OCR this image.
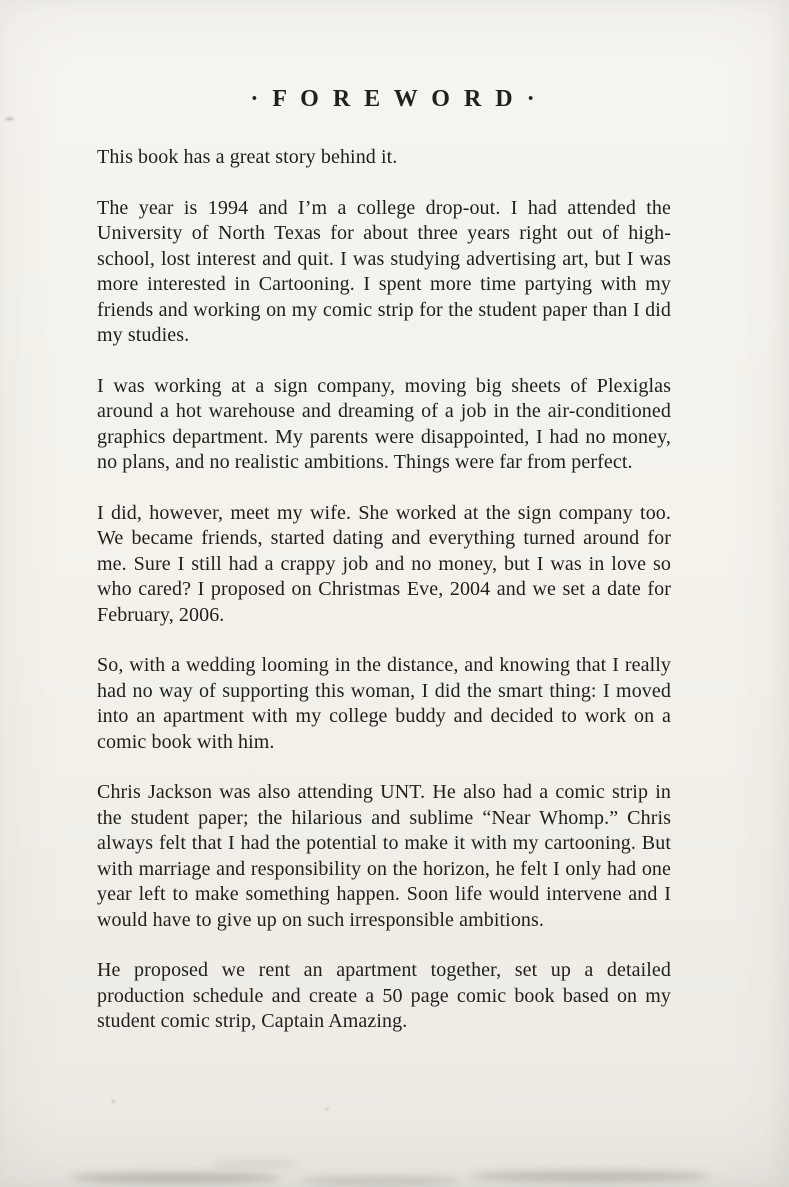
· F O R E W O R D ·

This book has a great story behind it.

The year is 1994 and I’m a college drop-out. I had attended the University of North Texas for about three years right out of high-school, lost interest and quit. I was studying advertising art, but I was more interested in Cartooning. I spent more time partying with my friends and working on my comic strip for the student paper than I did my studies.

I was working at a sign company, moving big sheets of Plexiglas around a hot warehouse and dreaming of a job in the air-conditioned graphics department. My parents were disappointed, I had no money, no plans, and no realistic ambitions. Things were far from perfect.

I did, however, meet my wife. She worked at the sign company too. We became friends, started dating and everything turned around for me. Sure I still had a crappy job and no money, but I was in love so who cared? I proposed on Christmas Eve, 2004 and we set a date for February, 2006.

So, with a wedding looming in the distance, and knowing that I really had no way of supporting this woman, I did the smart thing: I moved into an apartment with my college buddy and decided to work on a comic book with him.

Chris Jackson was also attending UNT. He also had a comic strip in the student paper; the hilarious and sublime “Near Whomp.” Chris always felt that I had the potential to make it with my cartooning. But with marriage and responsibility on the horizon, he felt I only had one year left to make something happen. Soon life would intervene and I would have to give up on such irresponsible ambitions.

He proposed we rent an apartment together, set up a detailed production schedule and create a 50 page comic book based on my student comic strip, Captain Amazing.
